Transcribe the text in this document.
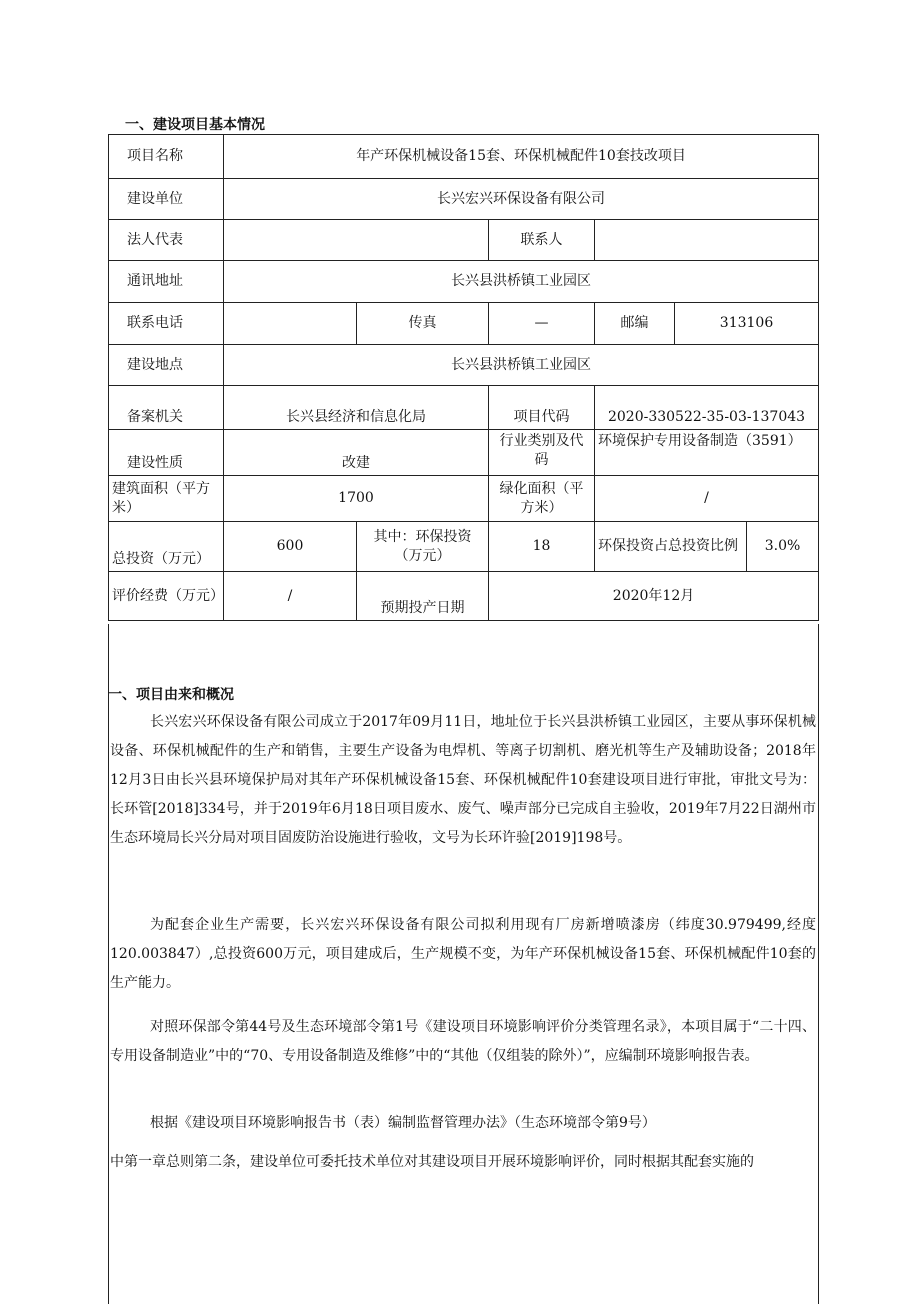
一、建设项目基本情况
项目名称	年产环保机械设备15套、环保机械配件10套技改项目					
建设单位	长兴宏兴环保设备有限公司					
法人代表			联系人			
通讯地址	长兴县洪桥镇工业园区					
联系电话		传真	—	邮编	313106	
建设地点	长兴县洪桥镇工业园区					
备案机关	长兴县经济和信息化局		项目代码	2020-330522-35-03-137043		
建设性质	改建		行业类别及代码	环境保护专用设备制造（3591）		
建筑面积（平方米）	1700		绿化面积（平方米）	/		
总投资（万元）	600	其中：环保投资（万元）	18	环保投资占总投资比例		3.0%
评价经费（万元）	/	预期投产日期	2020年12月			
一、项目由来和概况

长兴宏兴环保设备有限公司成立于2017年09月11日，地址位于长兴县洪桥镇工业园区，主要从事环保机械设备、环保机械配件的生产和销售，主要生产设备为电焊机、等离子切割机、磨光机等生产及辅助设备；2018年12月3日由长兴县环境保护局对其年产环保机械设备15套、环保机械配件10套建设项目进行审批，审批文号为：长环管[2018]334号，并于2019年6月18日项目废水、废气、噪声部分已完成自主验收，2019年7月22日湖州市生态环境局长兴分局对项目固废防治设施进行验收，文号为长环许验[2019]198号。

为配套企业生产需要，长兴宏兴环保设备有限公司拟利用现有厂房新增喷漆房（纬度30.979499,经度120.003847）,总投资600万元，项目建成后，生产规模不变，为年产环保机械设备15套、环保机械配件10套的生产能力。

对照环保部令第44号及生态环境部令第1号《建设项目环境影响评价分类管理名录》，本项目属于“二十四、专用设备制造业”中的“70、专用设备制造及维修”中的“其他（仅组装的除外）”，应编制环境影响报告表。

根据《建设项目环境影响报告书（表）编制监督管理办法》（生态环境部令第9号）

中第一章总则第二条，建设单位可委托技术单位对其建设项目开展环境影响评价，同时根据其配套实施的
